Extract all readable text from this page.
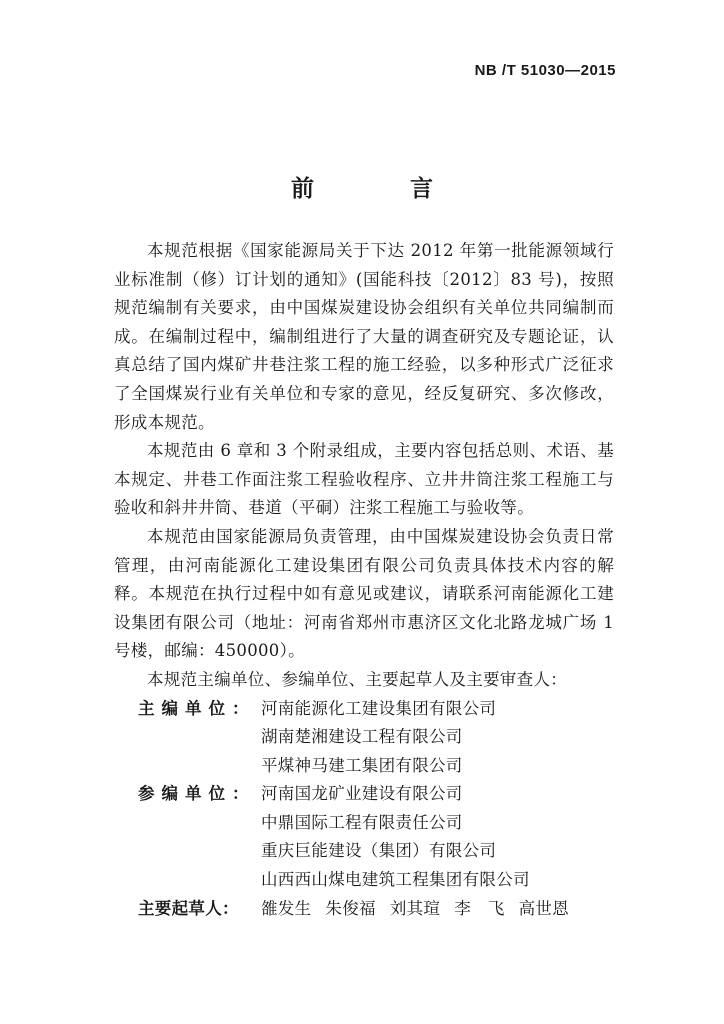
NB /T 51030—2015
前 言

本规范根据《国家能源局关于下达 2012 年第一批能源领域行业标准制（修）订计划的通知》(国能科技〔2012〕83 号)，按照规范编制有关要求，由中国煤炭建设协会组织有关单位共同编制而成。在编制过程中，编制组进行了大量的调查研究及专题论证，认真总结了国内煤矿井巷注浆工程的施工经验，以多种形式广泛征求了全国煤炭行业有关单位和专家的意见，经反复研究、多次修改，形成本规范。

本规范由 6 章和 3 个附录组成，主要内容包括总则、术语、基本规定、井巷工作面注浆工程验收程序、立井井筒注浆工程施工与验收和斜井井筒、巷道（平硐）注浆工程施工与验收等。

本规范由国家能源局负责管理，由中国煤炭建设协会负责日常管理，由河南能源化工建设集团有限公司负责具体技术内容的解释。本规范在执行过程中如有意见或建议，请联系河南能源化工建设集团有限公司（地址：河南省郑州市惠济区文化北路龙城广场 1 号楼，邮编：450000）。

本规范主编单位、参编单位、主要起草人及主要审查人：

主编单位： 河南能源化工建设集团有限公司
湖南楚湘建设工程有限公司
平煤神马建工集团有限公司
参编单位： 河南国龙矿业建设有限公司
中鼎国际工程有限责任公司
重庆巨能建设（集团）有限公司
山西西山煤电建筑工程集团有限公司
主要起草人：	雒发生 朱俊福 刘其瑄 李　飞 高世恩
